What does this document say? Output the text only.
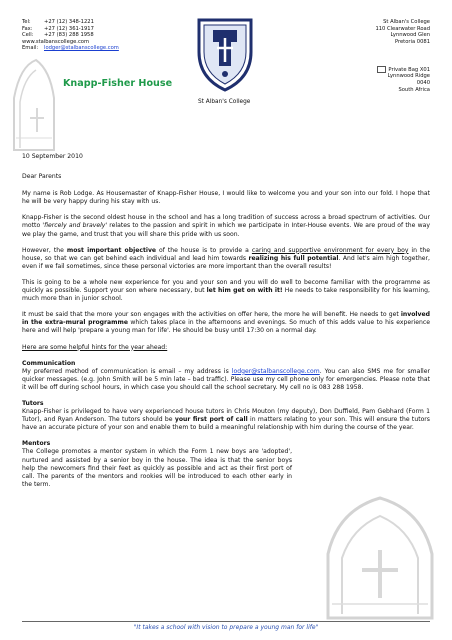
Tel:	+27 (12) 348-1221
Fax: +27 (12) 361-1917
Cell: +27 (83) 288 1958
www.stalbanscollege.com
Email: lodger@stalbanscollege.com
Knapp-Fisher House
St Alban's College
St Alban's College
110 Clearwater Road
Lynnwood Glen
Pretoria 0081
Private Bag X01
Lynnwood Ridge
0040
South Africa
10 September 2010
Dear Parents
My name is Rob Lodge. As Housemaster of Knapp-Fisher House, I would like to welcome you and your son into our fold. I hope that he will be very happy during his stay with us.
Knapp-Fisher is the second oldest house in the school and has a long tradition of success across a broad spectrum of activities. Our motto 'fiercely and bravely' relates to the passion and spirit in which we participate in Inter-House events. We are proud of the way we play the game, and trust that you will share this pride with us soon.
However, the most important objective of the house is to provide a caring and supportive environment for every boy in the house, so that we can get behind each individual and lead him towards realizing his full potential. And let's aim high together, even if we fail sometimes, since these personal victories are more important than the overall results!
This is going to be a whole new experience for you and your son and you will do well to become familiar with the programme as quickly as possible. Support your son where necessary, but let him get on with it! He needs to take responsibility for his learning, much more than in junior school.
It must be said that the more your son engages with the activities on offer here, the more he will benefit. He needs to get involved in the extra-mural programme which takes place in the afternoons and evenings. So much of this adds value to his experience here and will help 'prepare a young man for life'. He should be busy until 17:30 on a normal day.
Here are some helpful hints for the year ahead:
Communication
My preferred method of communication is email – my address is lodger@stalbanscollege.com. You can also SMS me for smaller quicker messages. (e.g. John Smith will be 5 min late – bad traffic). Please use my cell phone only for emergencies. Please note that it will be off during school hours, in which case you should call the school secretary. My cell no is 083 288 1958.
Tutors
Knapp-Fisher is privileged to have very experienced house tutors in Chris Mouton (my deputy), Don Duffield, Pam Gebhard (Form 1 Tutor), and Ryan Anderson. The tutors should be your first port of call in matters relating to your son. This will ensure the tutors have an accurate picture of your son and enable them to build a meaningful relationship with him during the course of the year.
Mentors
The College promotes a mentor system in which the Form 1 new boys are 'adopted', nurtured and assisted by a senior boy in the house. The idea is that the senior boys help the newcomers find their feet as quickly as possible and act as their first port of call. The parents of the mentors and rookies will be introduced to each other early in the term.
"It takes a school with vision to prepare a young man for life"
